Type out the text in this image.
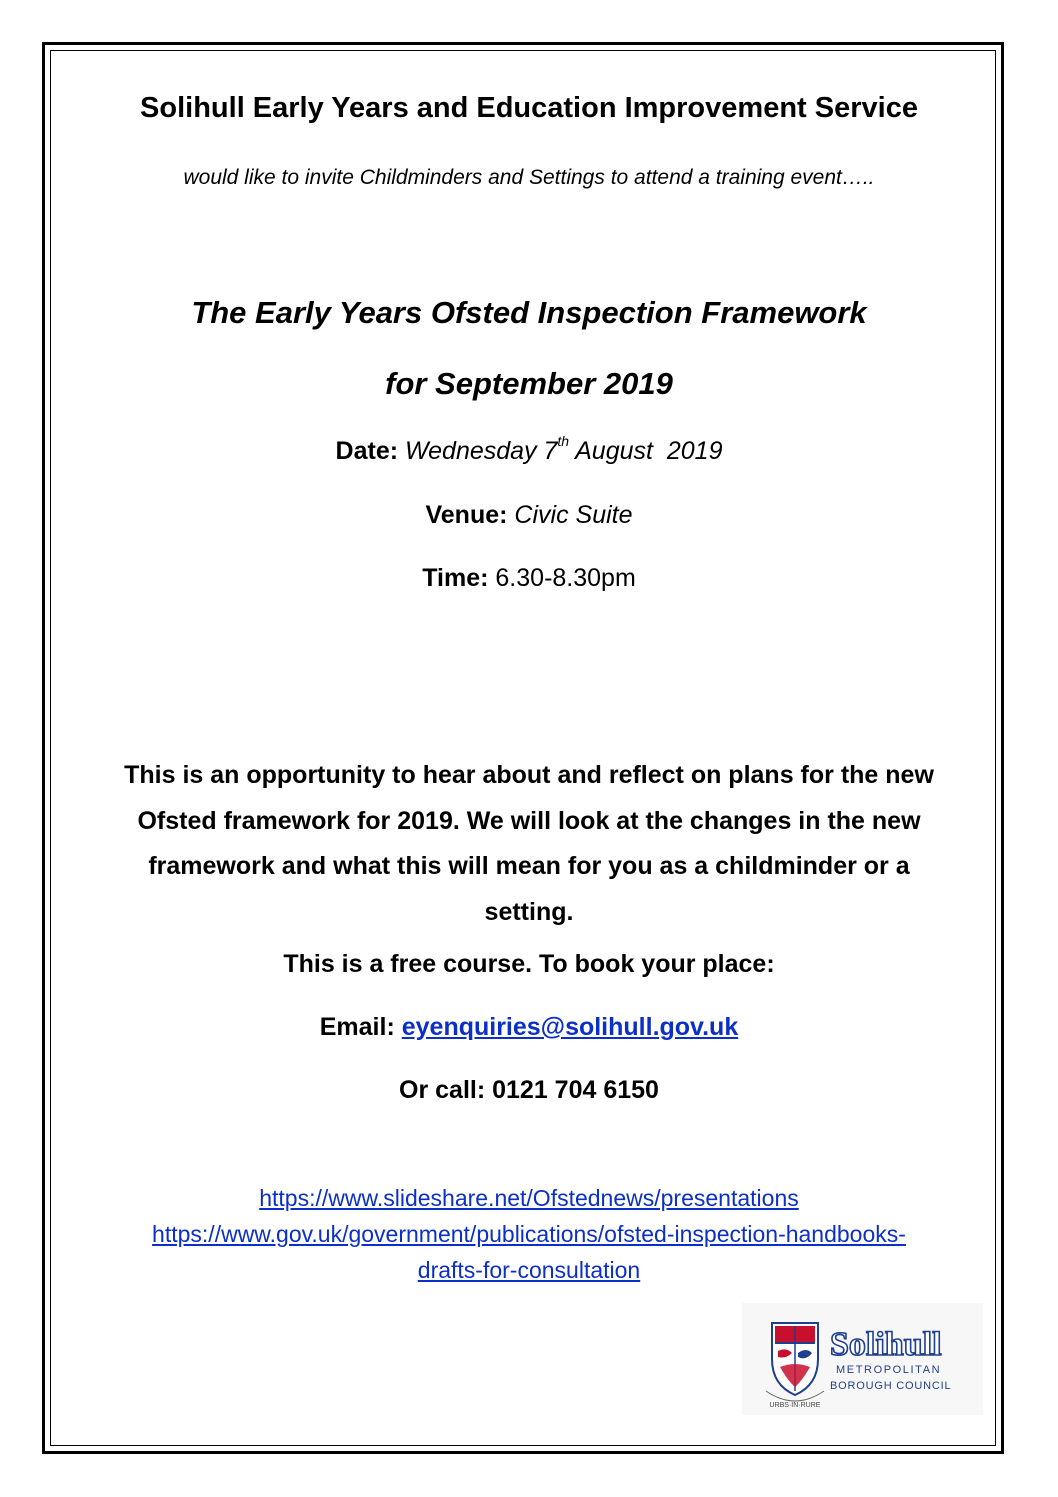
Solihull Early Years and Education Improvement Service
would like to invite Childminders and Settings to attend a training event…..
The Early Years Ofsted Inspection Framework
for September 2019
Date: Wednesday 7th August  2019
Venue: Civic Suite
Time: 6.30-8.30pm
This is an opportunity to hear about and reflect on plans for the new
Ofsted framework for 2019. We will look at the changes in the new
framework and what this will mean for you as a childminder or a
setting.
This is a free course. To book your place:
Email: eyenquiries@solihull.gov.uk
Or call: 0121 704 6150
https://www.slideshare.net/Ofstednews/presentations
https://www.gov.uk/government/publications/ofsted-inspection-handbooks-
drafts-for-consultation
URBS·IN·RURE
Solihull
METROPOLITAN
BOROUGH COUNCIL
